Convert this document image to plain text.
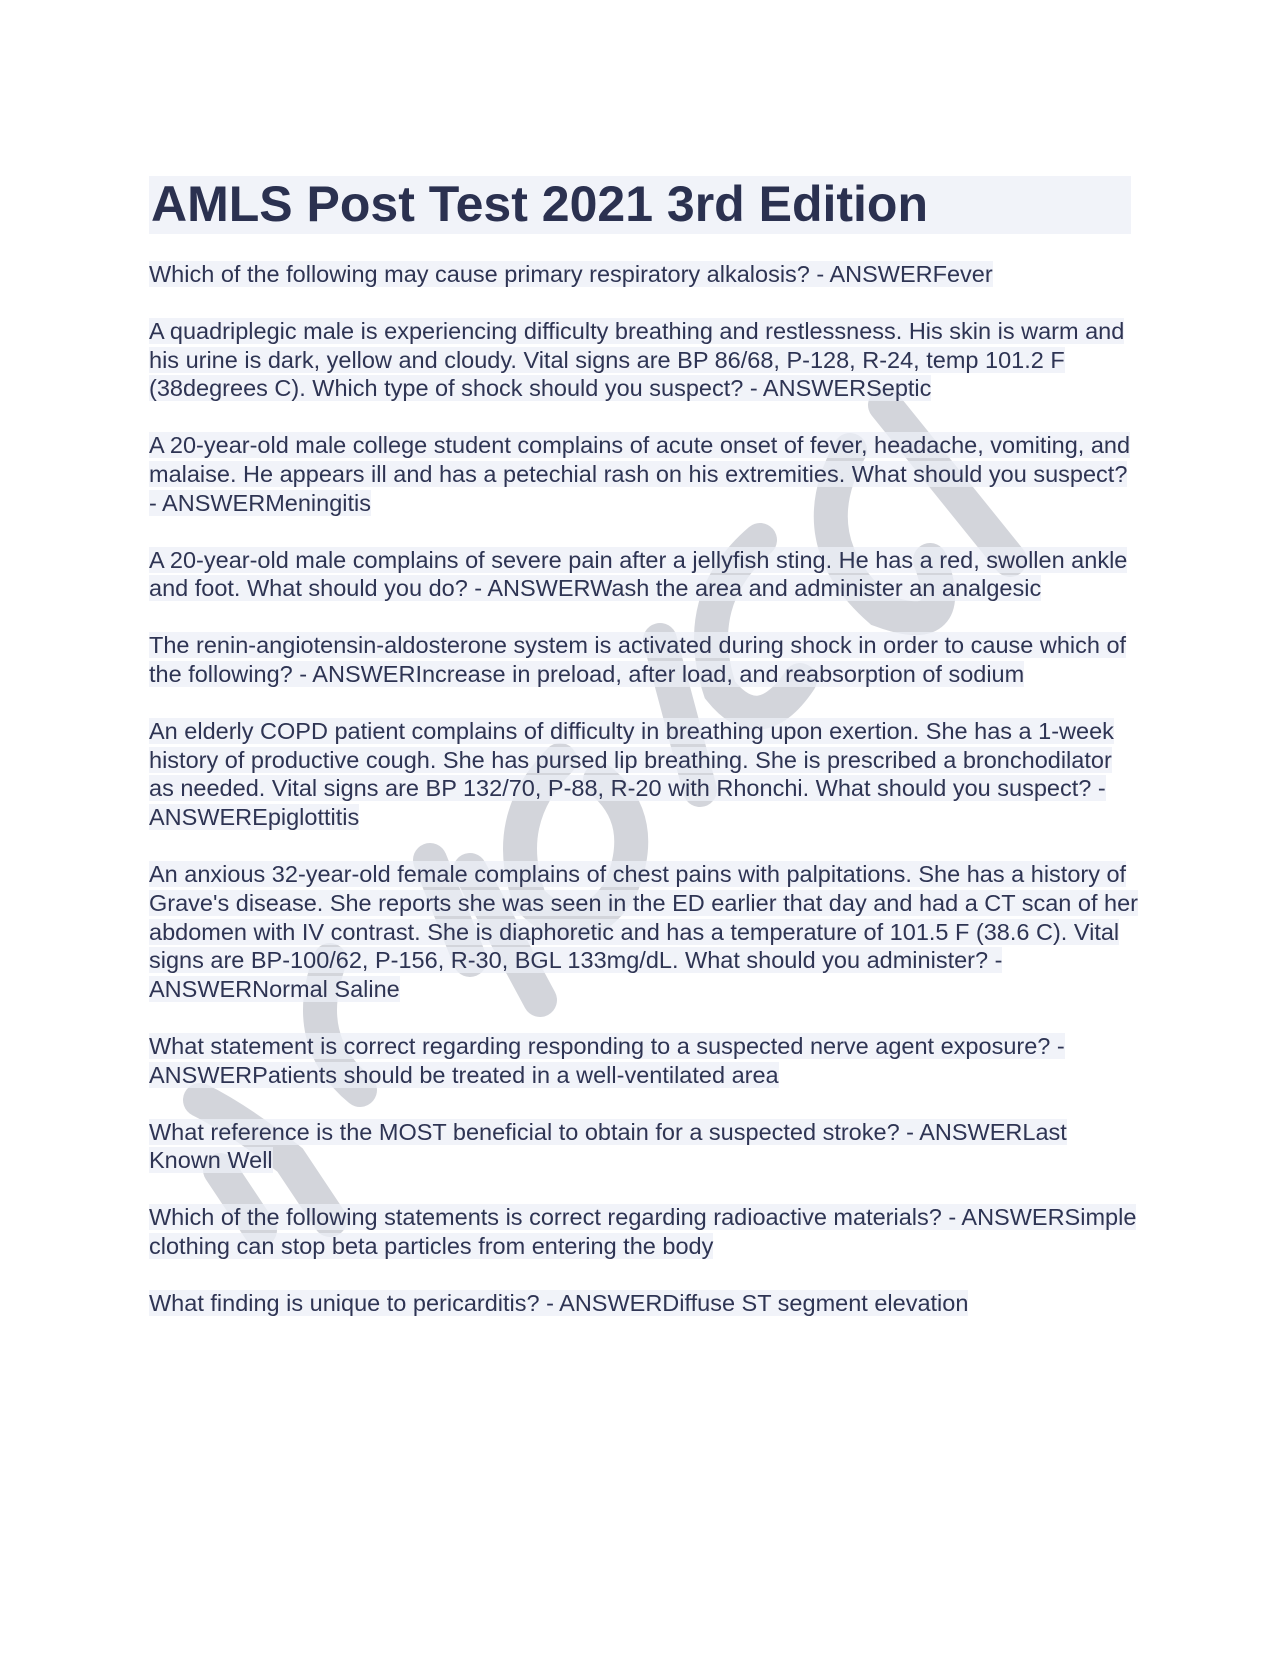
AMLS Post Test 2021 3rd Edition

Which of the following may cause primary respiratory alkalosis? - ANSWERFever

A quadriplegic male is experiencing difficulty breathing and restlessness. His skin is warm and his urine is dark, yellow and cloudy. Vital signs are BP 86/68, P-128, R-24, temp 101.2 F (38degrees C). Which type of shock should you suspect? - ANSWERSeptic

A 20-year-old male college student complains of acute onset of fever, headache, vomiting, and malaise. He appears ill and has a petechial rash on his extremities. What should you suspect? - ANSWERMeningitis

A 20-year-old male complains of severe pain after a jellyfish sting. He has a red, swollen ankle and foot. What should you do? - ANSWERWash the area and administer an analgesic

The renin-angiotensin-aldosterone system is activated during shock in order to cause which of the following? - ANSWERIncrease in preload, after load, and reabsorption of sodium

An elderly COPD patient complains of difficulty in breathing upon exertion. She has a 1-week history of productive cough. She has pursed lip breathing. She is prescribed a bronchodilator as needed. Vital signs are BP 132/70, P-88, R-20 with Rhonchi. What should you suspect? - ANSWEREpiglottitis

An anxious 32-year-old female complains of chest pains with palpitations. She has a history of Grave's disease. She reports she was seen in the ED earlier that day and had a CT scan of her abdomen with IV contrast. She is diaphoretic and has a temperature of 101.5 F (38.6 C). Vital signs are BP-100/62, P-156, R-30, BGL 133mg/dL. What should you administer? - ANSWERNormal Saline

What statement is correct regarding responding to a suspected nerve agent exposure? - ANSWERPatients should be treated in a well-ventilated area

What reference is the MOST beneficial to obtain for a suspected stroke? - ANSWERLast Known Well

Which of the following statements is correct regarding radioactive materials? - ANSWERSimple clothing can stop beta particles from entering the body

What finding is unique to pericarditis? - ANSWERDiffuse ST segment elevation
